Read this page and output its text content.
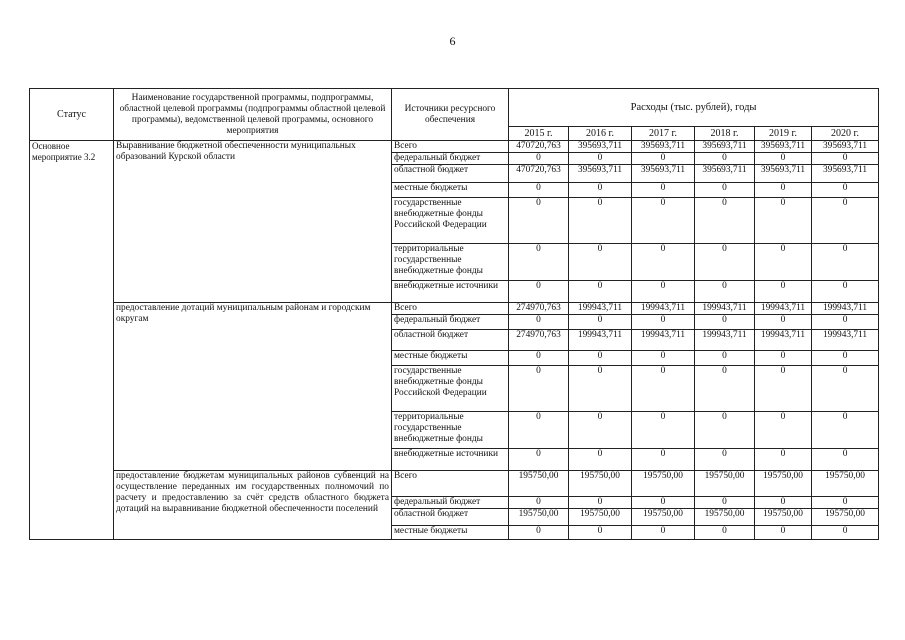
6
Статус	Наименование государственной программы, подпрограммы, областной целевой программы (подпрограммы областной целевой программы), ведомственной целевой программы, основного мероприятия	Источники ресурсного обеспечения	Расходы (тыс. рублей), годы					
			2015 г.	2016 г.	2017 г.	2018 г.	2019 г.	2020 г.
Основное мероприятие 3.2	Выравнивание бюджетной обеспеченности муниципальных образований Курской области	Всего	470720,763	395693,711	395693,711	395693,711	395693,711	395693,711
		федеральный бюджет	0	0	0	0	0	0
		областной бюджет	470720,763	395693,711	395693,711	395693,711	395693,711	395693,711
		местные бюджеты	0	0	0	0	0	0
		государственные внебюджетные фонды Российской Федерации	0	0	0	0	0	0
		территориальные государственные внебюджетные фонды	0	0	0	0	0	0
		внебюджетные источники	0	0	0	0	0	0
	предоставление дотаций муниципальным районам и городским округам	Всего	274970,763	199943,711	199943,711	199943,711	199943,711	199943,711
		федеральный бюджет	0	0	0	0	0	0
		областной бюджет	274970,763	199943,711	199943,711	199943,711	199943,711	199943,711
		местные бюджеты	0	0	0	0	0	0
		государственные внебюджетные фонды Российской Федерации	0	0	0	0	0	0
		территориальные государственные внебюджетные фонды	0	0	0	0	0	0
		внебюджетные источники	0	0	0	0	0	0
	предоставление бюджетам муниципальных районов субвенций на осуществление переданных им государственных полномочий по расчету и предоставлению за счёт средств областного бюджета дотаций на выравнивание бюджетной обеспеченности поселений	Всего	195750,00	195750,00	195750,00	195750,00	195750,00	195750,00
		федеральный бюджет	0	0	0	0	0	0
		областной бюджет	195750,00	195750,00	195750,00	195750,00	195750,00	195750,00
		местные бюджеты	0	0	0	0	0	0
